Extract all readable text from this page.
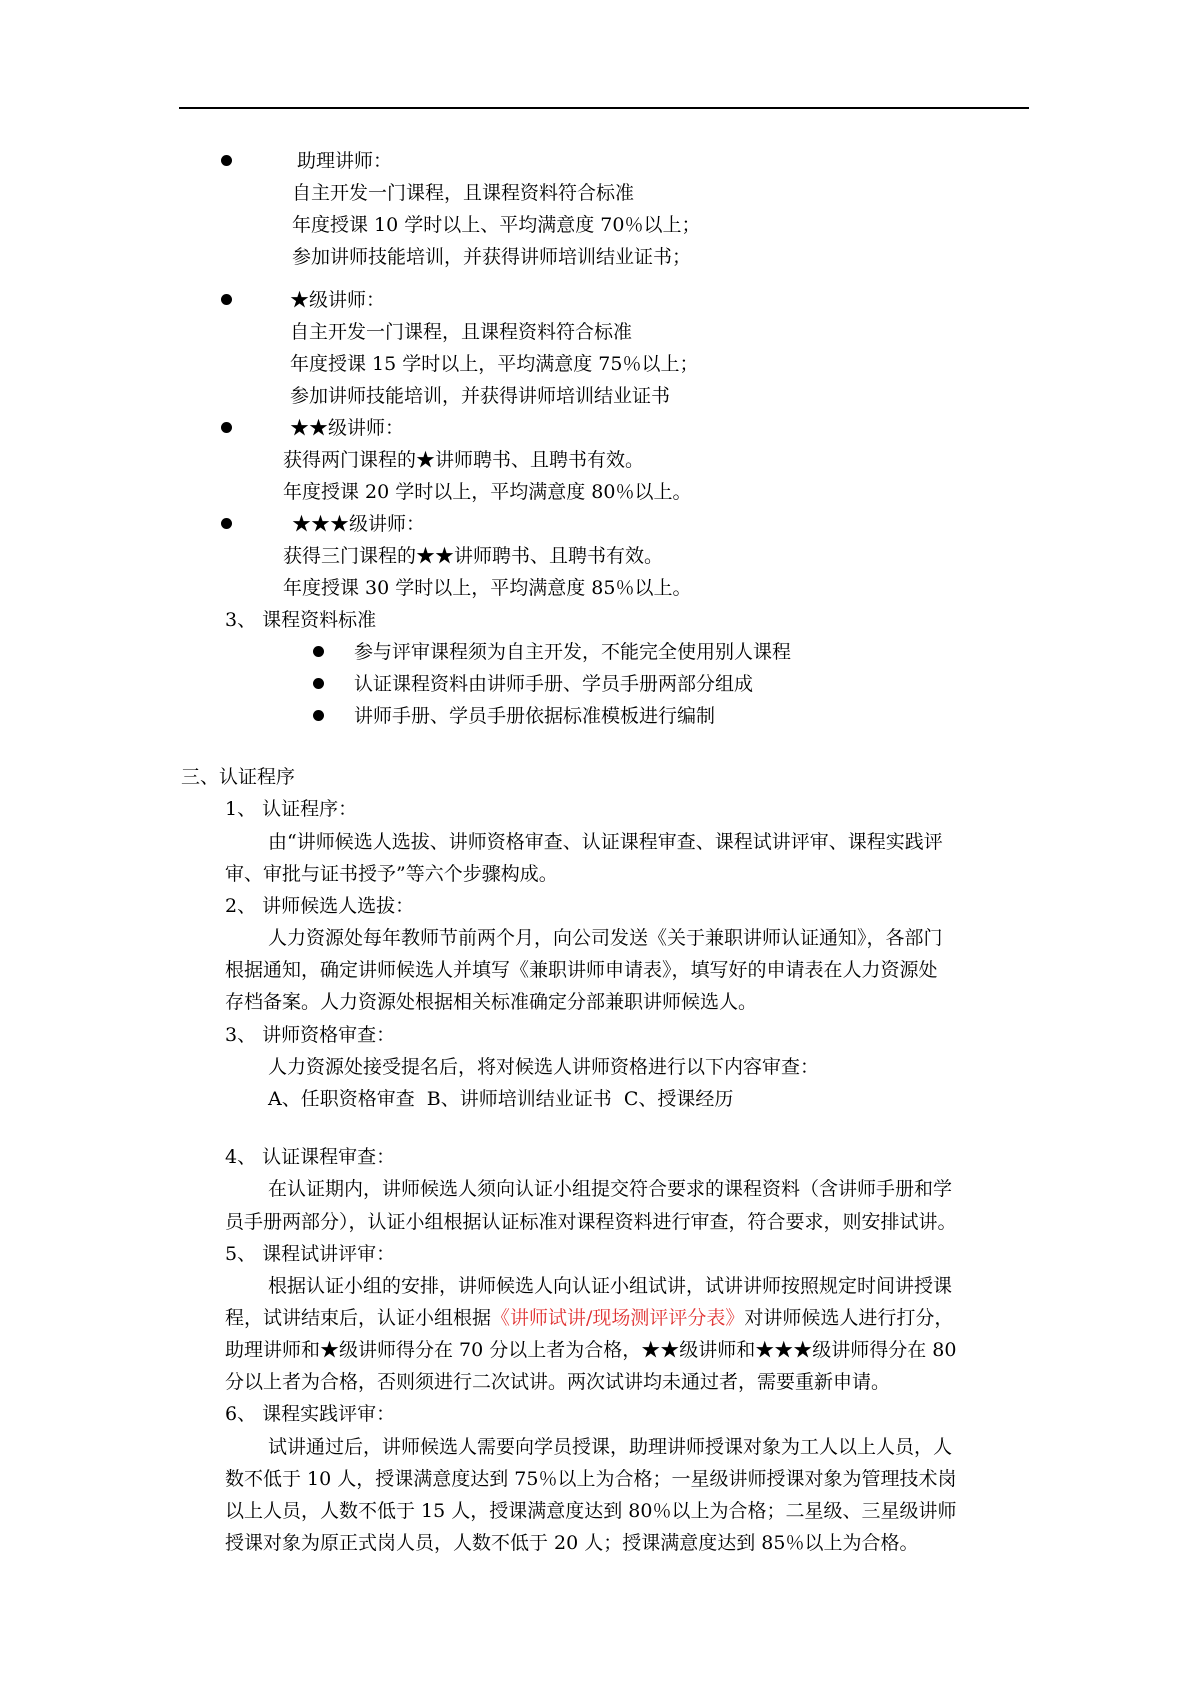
助理讲师：
自主开发一门课程，且课程资料符合标准
年度授课 10 学时以上、平均满意度 70％以上；
参加讲师技能培训，并获得讲师培训结业证书；
★级讲师：
自主开发一门课程，且课程资料符合标准
年度授课 15 学时以上，平均满意度 75％以上；
参加讲师技能培训，并获得讲师培训结业证书
★★级讲师：
获得两门课程的★讲师聘书、且聘书有效。
年度授课 20 学时以上，平均满意度 80％以上。
★★★级讲师：
获得三门课程的★★讲师聘书、且聘书有效。
年度授课 30 学时以上，平均满意度 85％以上。
3、 课程资料标准
参与评审课程须为自主开发，不能完全使用别人课程
认证课程资料由讲师手册、学员手册两部分组成
讲师手册、学员手册依据标准模板进行编制
三、认证程序
1、 认证程序：
由“讲师候选人选拔、讲师资格审查、认证课程审查、课程试讲评审、课程实践评
审、审批与证书授予”等六个步骤构成。
2、 讲师候选人选拔：
人力资源处每年教师节前两个月，向公司发送《关于兼职讲师认证通知》，各部门
根据通知，确定讲师候选人并填写《兼职讲师申请表》，填写好的申请表在人力资源处
存档备案。人力资源处根据相关标准确定分部兼职讲师候选人。
3、 讲师资格审查：
人力资源处接受提名后，将对候选人讲师资格进行以下内容审查：
A、任职资格审查  B、讲师培训结业证书  C、授课经历
4、 认证课程审查：
在认证期内，讲师候选人须向认证小组提交符合要求的课程资料（含讲师手册和学
员手册两部分），认证小组根据认证标准对课程资料进行审查，符合要求，则安排试讲。
5、 课程试讲评审：
根据认证小组的安排，讲师候选人向认证小组试讲，试讲讲师按照规定时间讲授课
程，试讲结束后，认证小组根据《讲师试讲/现场测评评分表》对讲师候选人进行打分，
助理讲师和★级讲师得分在 70 分以上者为合格，★★级讲师和★★★级讲师得分在 80
分以上者为合格，否则须进行二次试讲。两次试讲均未通过者，需要重新申请。
6、 课程实践评审：
试讲通过后，讲师候选人需要向学员授课，助理讲师授课对象为工人以上人员，人
数不低于 10 人，授课满意度达到 75％以上为合格；一星级讲师授课对象为管理技术岗
以上人员，人数不低于 15 人，授课满意度达到 80％以上为合格；二星级、三星级讲师
授课对象为原正式岗人员，人数不低于 20 人；授课满意度达到 85％以上为合格。
